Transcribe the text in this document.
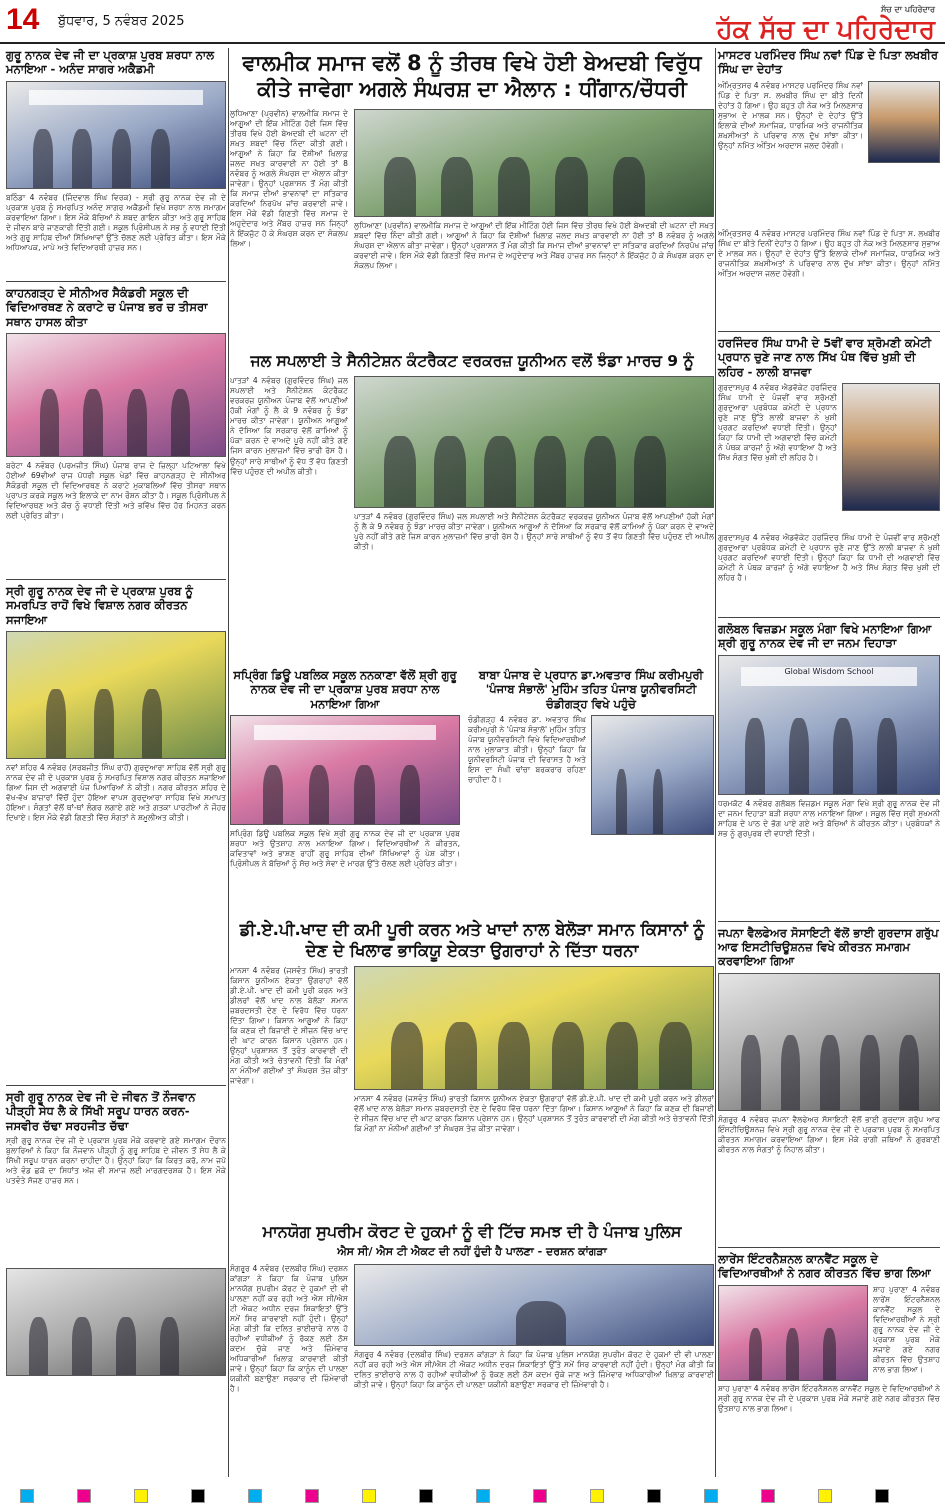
14 ਬੁੱਧਵਾਰ, 5 ਨਵੰਬਰ 2025
ਸੱਚ ਦਾ ਪਹਿਰੇਦਾਰ
ਹੱਕ ਸੱਚ ਦਾ ਪਹਿਰੇਦਾਰ
ਗੁਰੂ ਨਾਨਕ ਦੇਵ ਜੀ ਦਾ ਪ੍ਰਕਾਸ਼ ਪੁਰਬ ਸ਼ਰਧਾ ਨਾਲ ਮਨਾਇਆ - ਅਨੰਦ ਸਾਗਰ ਅਕੈਡਮੀ
ਬਠਿੰਡਾ 4 ਨਵੰਬਰ (ਜਿੰਦਵਾਲ ਸਿੰਘ ਵਿਰਕ) - ਸ੍ਰੀ ਗੁਰੂ ਨਾਨਕ ਦੇਵ ਜੀ ਦੇ ਪ੍ਰਕਾਸ਼ ਪੁਰਬ ਨੂੰ ਸਮਰਪਿਤ ਅਨੰਦ ਸਾਗਰ ਅਕੈਡਮੀ ਵਿਖੇ ਸ਼ਰਧਾ ਨਾਲ ਸਮਾਗਮ ਕਰਵਾਇਆ ਗਿਆ। ਇਸ ਮੌਕੇ ਬੱਚਿਆਂ ਨੇ ਸ਼ਬਦ ਗਾਇਨ ਕੀਤਾ ਅਤੇ ਗੁਰੂ ਸਾਹਿਬ ਦੇ ਜੀਵਨ ਬਾਰੇ ਜਾਣਕਾਰੀ ਦਿੱਤੀ ਗਈ। ਸਕੂਲ ਪ੍ਰਿੰਸੀਪਲ ਨੇ ਸਭ ਨੂੰ ਵਧਾਈ ਦਿੱਤੀ ਅਤੇ ਗੁਰੂ ਸਾਹਿਬ ਦੀਆਂ ਸਿੱਖਿਆਵਾਂ ਉੱਤੇ ਚੱਲਣ ਲਈ ਪ੍ਰੇਰਿਤ ਕੀਤਾ। ਇਸ ਮੌਕੇ ਅਧਿਆਪਕ, ਮਾਪੇ ਅਤੇ ਵਿਦਿਆਰਥੀ ਹਾਜ਼ਰ ਸਨ।
ਕਾਹਨਗੜ੍ਹ ਦੇ ਸੀਨੀਅਰ ਸੈਕੰਡਰੀ ਸਕੂਲ ਦੀ ਵਿਦਿਆਰਥਣ ਨੇ ਕਰਾਟੇ ਚ ਪੰਜਾਬ ਭਰ ਚ ਤੀਸਰਾ ਸਥਾਨ ਹਾਸਲ ਕੀਤਾ
ਬਰੇਟਾ 4 ਨਵੰਬਰ (ਪਰਮਜੀਤ ਸਿੰਘ) ਪੰਜਾਬ ਰਾਜ ਦੇ ਜ਼ਿਲ੍ਹਾ ਪਟਿਆਲਾ ਵਿਖੇ ਹੋਈਆਂ 69ਵੀਆਂ ਰਾਜ ਪੱਧਰੀ ਸਕੂਲ ਖੇਡਾਂ ਵਿੱਚ ਕਾਹਨਗੜ੍ਹ ਦੇ ਸੀਨੀਅਰ ਸੈਕੰਡਰੀ ਸਕੂਲ ਦੀ ਵਿਦਿਆਰਥਣ ਨੇ ਕਰਾਟੇ ਮੁਕਾਬਲਿਆਂ ਵਿੱਚ ਤੀਸਰਾ ਸਥਾਨ ਪ੍ਰਾਪਤ ਕਰਕੇ ਸਕੂਲ ਅਤੇ ਇਲਾਕੇ ਦਾ ਨਾਮ ਰੌਸ਼ਨ ਕੀਤਾ ਹੈ। ਸਕੂਲ ਪ੍ਰਿੰਸੀਪਲ ਨੇ ਵਿਦਿਆਰਥਣ ਅਤੇ ਕੋਚ ਨੂੰ ਵਧਾਈ ਦਿੱਤੀ ਅਤੇ ਭਵਿੱਖ ਵਿੱਚ ਹੋਰ ਮਿਹਨਤ ਕਰਨ ਲਈ ਪ੍ਰੇਰਿਤ ਕੀਤਾ।
ਸ੍ਰੀ ਗੁਰੂ ਨਾਨਕ ਦੇਵ ਜੀ ਦੇ ਪ੍ਰਕਾਸ਼ ਪੁਰਬ ਨੂੰ ਸਮਰਪਿਤ ਰਾਹੋਂ ਵਿਖੇ ਵਿਸ਼ਾਲ ਨਗਰ ਕੀਰਤਨ ਸਜਾਇਆ
ਨਵਾਂ ਸ਼ਹਿਰ 4 ਨਵੰਬਰ (ਸਰਬਜੀਤ ਸਿੰਘ ਰਾਹੋਂ) ਗੁਰਦੁਆਰਾ ਸਾਹਿਬ ਵੱਲੋਂ ਸ੍ਰੀ ਗੁਰੂ ਨਾਨਕ ਦੇਵ ਜੀ ਦੇ ਪ੍ਰਕਾਸ਼ ਪੁਰਬ ਨੂੰ ਸਮਰਪਿਤ ਵਿਸ਼ਾਲ ਨਗਰ ਕੀਰਤਨ ਸਜਾਇਆ ਗਿਆ ਜਿਸ ਦੀ ਅਗਵਾਈ ਪੰਜ ਪਿਆਰਿਆਂ ਨੇ ਕੀਤੀ। ਨਗਰ ਕੀਰਤਨ ਸ਼ਹਿਰ ਦੇ ਵੱਖ-ਵੱਖ ਬਾਜ਼ਾਰਾਂ ਵਿੱਚੋਂ ਹੁੰਦਾ ਹੋਇਆ ਵਾਪਸ ਗੁਰਦੁਆਰਾ ਸਾਹਿਬ ਵਿਖੇ ਸਮਾਪਤ ਹੋਇਆ। ਸੰਗਤਾਂ ਵੱਲੋਂ ਥਾਂ-ਥਾਂ ਲੰਗਰ ਲਗਾਏ ਗਏ ਅਤੇ ਗਤਕਾ ਪਾਰਟੀਆਂ ਨੇ ਜੌਹਰ ਦਿਖਾਏ। ਇਸ ਮੌਕੇ ਵੱਡੀ ਗਿਣਤੀ ਵਿੱਚ ਸੰਗਤਾਂ ਨੇ ਸ਼ਮੂਲੀਅਤ ਕੀਤੀ।
ਸ੍ਰੀ ਗੁਰੂ ਨਾਨਕ ਦੇਵ ਜੀ ਦੇ ਜੀਵਨ ਤੋਂ ਨੌਜਵਾਨ ਪੀੜ੍ਹੀ ਸੇਧ ਲੈ ਕੇ ਸਿੱਖੀ ਸਰੂਪ ਧਾਰਨ ਕਰਨ- ਜਸਵੀਰ ਚੱਢਾ ਸਰਹਜੀਤ ਚੱਢਾ
ਸ੍ਰੀ ਗੁਰੂ ਨਾਨਕ ਦੇਵ ਜੀ ਦੇ ਪ੍ਰਕਾਸ਼ ਪੁਰਬ ਮੌਕੇ ਕਰਵਾਏ ਗਏ ਸਮਾਗਮ ਦੌਰਾਨ ਬੁਲਾਰਿਆਂ ਨੇ ਕਿਹਾ ਕਿ ਨੌਜਵਾਨ ਪੀੜ੍ਹੀ ਨੂੰ ਗੁਰੂ ਸਾਹਿਬ ਦੇ ਜੀਵਨ ਤੋਂ ਸੇਧ ਲੈ ਕੇ ਸਿੱਖੀ ਸਰੂਪ ਧਾਰਨ ਕਰਨਾ ਚਾਹੀਦਾ ਹੈ। ਉਨ੍ਹਾਂ ਕਿਹਾ ਕਿ ਕਿਰਤ ਕਰੋ, ਨਾਮ ਜਪੋ ਅਤੇ ਵੰਡ ਛਕੋ ਦਾ ਸਿਧਾਂਤ ਅੱਜ ਵੀ ਸਮਾਜ ਲਈ ਮਾਰਗਦਰਸ਼ਕ ਹੈ। ਇਸ ਮੌਕੇ ਪਤਵੰਤੇ ਸੱਜਣ ਹਾਜ਼ਰ ਸਨ।
ਵਾਲਮੀਕ ਸਮਾਜ ਵਲੋਂ 8 ਨੂੰ ਤੀਰਥ ਵਿਖੇ ਹੋਈ ਬੇਅਦਬੀ ਵਿਰੁੱਧ ਕੀਤੇ ਜਾਵੇਗਾ ਅਗਲੇ ਸੰਘਰਸ਼ ਦਾ ਐਲਾਨ : ਧੀਂਗਾਨ/ਚੌਧਰੀ
ਲੁਧਿਆਣਾ (ਪ੍ਰਵੀਨ) ਵਾਲਮੀਕਿ ਸਮਾਜ ਦੇ ਆਗੂਆਂ ਦੀ ਇੱਕ ਮੀਟਿੰਗ ਹੋਈ ਜਿਸ ਵਿੱਚ ਤੀਰਥ ਵਿਖੇ ਹੋਈ ਬੇਅਦਬੀ ਦੀ ਘਟਨਾ ਦੀ ਸਖ਼ਤ ਸ਼ਬਦਾਂ ਵਿੱਚ ਨਿੰਦਾ ਕੀਤੀ ਗਈ। ਆਗੂਆਂ ਨੇ ਕਿਹਾ ਕਿ ਦੋਸ਼ੀਆਂ ਖ਼ਿਲਾਫ਼ ਜਲਦ ਸਖ਼ਤ ਕਾਰਵਾਈ ਨਾ ਹੋਈ ਤਾਂ 8 ਨਵੰਬਰ ਨੂੰ ਅਗਲੇ ਸੰਘਰਸ਼ ਦਾ ਐਲਾਨ ਕੀਤਾ ਜਾਵੇਗਾ। ਉਨ੍ਹਾਂ ਪ੍ਰਸ਼ਾਸਨ ਤੋਂ ਮੰਗ ਕੀਤੀ ਕਿ ਸਮਾਜ ਦੀਆਂ ਭਾਵਨਾਵਾਂ ਦਾ ਸਤਿਕਾਰ ਕਰਦਿਆਂ ਨਿਰਪੱਖ ਜਾਂਚ ਕਰਵਾਈ ਜਾਵੇ। ਇਸ ਮੌਕੇ ਵੱਡੀ ਗਿਣਤੀ ਵਿੱਚ ਸਮਾਜ ਦੇ ਅਹੁਦੇਦਾਰ ਅਤੇ ਮੈਂਬਰ ਹਾਜ਼ਰ ਸਨ ਜਿਨ੍ਹਾਂ ਨੇ ਇੱਕਜੁੱਟ ਹੋ ਕੇ ਸੰਘਰਸ਼ ਕਰਨ ਦਾ ਸੰਕਲਪ ਲਿਆ।
ਲੁਧਿਆਣਾ (ਪ੍ਰਵੀਨ) ਵਾਲਮੀਕਿ ਸਮਾਜ ਦੇ ਆਗੂਆਂ ਦੀ ਇੱਕ ਮੀਟਿੰਗ ਹੋਈ ਜਿਸ ਵਿੱਚ ਤੀਰਥ ਵਿਖੇ ਹੋਈ ਬੇਅਦਬੀ ਦੀ ਘਟਨਾ ਦੀ ਸਖ਼ਤ ਸ਼ਬਦਾਂ ਵਿੱਚ ਨਿੰਦਾ ਕੀਤੀ ਗਈ। ਆਗੂਆਂ ਨੇ ਕਿਹਾ ਕਿ ਦੋਸ਼ੀਆਂ ਖ਼ਿਲਾਫ਼ ਜਲਦ ਸਖ਼ਤ ਕਾਰਵਾਈ ਨਾ ਹੋਈ ਤਾਂ 8 ਨਵੰਬਰ ਨੂੰ ਅਗਲੇ ਸੰਘਰਸ਼ ਦਾ ਐਲਾਨ ਕੀਤਾ ਜਾਵੇਗਾ। ਉਨ੍ਹਾਂ ਪ੍ਰਸ਼ਾਸਨ ਤੋਂ ਮੰਗ ਕੀਤੀ ਕਿ ਸਮਾਜ ਦੀਆਂ ਭਾਵਨਾਵਾਂ ਦਾ ਸਤਿਕਾਰ ਕਰਦਿਆਂ ਨਿਰਪੱਖ ਜਾਂਚ ਕਰਵਾਈ ਜਾਵੇ। ਇਸ ਮੌਕੇ ਵੱਡੀ ਗਿਣਤੀ ਵਿੱਚ ਸਮਾਜ ਦੇ ਅਹੁਦੇਦਾਰ ਅਤੇ ਮੈਂਬਰ ਹਾਜ਼ਰ ਸਨ ਜਿਨ੍ਹਾਂ ਨੇ ਇੱਕਜੁੱਟ ਹੋ ਕੇ ਸੰਘਰਸ਼ ਕਰਨ ਦਾ ਸੰਕਲਪ ਲਿਆ।
ਜਲ ਸਪਲਾਈ ਤੇ ਸੈਨੀਟੇਸ਼ਨ ਕੰਟਰੈਕਟ ਵਰਕਰਜ਼ ਯੂਨੀਅਨ ਵਲੋਂ ਝੰਡਾ ਮਾਰਚ 9 ਨੂੰ
ਪਾਤੜਾਂ 4 ਨਵੰਬਰ (ਗੁਰਵਿੰਦਰ ਸਿੰਘ) ਜਲ ਸਪਲਾਈ ਅਤੇ ਸੈਨੀਟੇਸ਼ਨ ਕੰਟਰੈਕਟ ਵਰਕਰਜ਼ ਯੂਨੀਅਨ ਪੰਜਾਬ ਵੱਲੋਂ ਆਪਣੀਆਂ ਹੱਕੀ ਮੰਗਾਂ ਨੂੰ ਲੈ ਕੇ 9 ਨਵੰਬਰ ਨੂੰ ਝੰਡਾ ਮਾਰਚ ਕੀਤਾ ਜਾਵੇਗਾ। ਯੂਨੀਅਨ ਆਗੂਆਂ ਨੇ ਦੱਸਿਆ ਕਿ ਸਰਕਾਰ ਵੱਲੋਂ ਕਾਮਿਆਂ ਨੂੰ ਪੱਕਾ ਕਰਨ ਦੇ ਵਾਅਦੇ ਪੂਰੇ ਨਹੀਂ ਕੀਤੇ ਗਏ ਜਿਸ ਕਾਰਨ ਮੁਲਾਜ਼ਮਾਂ ਵਿੱਚ ਭਾਰੀ ਰੋਸ ਹੈ। ਉਨ੍ਹਾਂ ਸਾਰੇ ਸਾਥੀਆਂ ਨੂੰ ਵੱਧ ਤੋਂ ਵੱਧ ਗਿਣਤੀ ਵਿੱਚ ਪਹੁੰਚਣ ਦੀ ਅਪੀਲ ਕੀਤੀ।
ਪਾਤੜਾਂ 4 ਨਵੰਬਰ (ਗੁਰਵਿੰਦਰ ਸਿੰਘ) ਜਲ ਸਪਲਾਈ ਅਤੇ ਸੈਨੀਟੇਸ਼ਨ ਕੰਟਰੈਕਟ ਵਰਕਰਜ਼ ਯੂਨੀਅਨ ਪੰਜਾਬ ਵੱਲੋਂ ਆਪਣੀਆਂ ਹੱਕੀ ਮੰਗਾਂ ਨੂੰ ਲੈ ਕੇ 9 ਨਵੰਬਰ ਨੂੰ ਝੰਡਾ ਮਾਰਚ ਕੀਤਾ ਜਾਵੇਗਾ। ਯੂਨੀਅਨ ਆਗੂਆਂ ਨੇ ਦੱਸਿਆ ਕਿ ਸਰਕਾਰ ਵੱਲੋਂ ਕਾਮਿਆਂ ਨੂੰ ਪੱਕਾ ਕਰਨ ਦੇ ਵਾਅਦੇ ਪੂਰੇ ਨਹੀਂ ਕੀਤੇ ਗਏ ਜਿਸ ਕਾਰਨ ਮੁਲਾਜ਼ਮਾਂ ਵਿੱਚ ਭਾਰੀ ਰੋਸ ਹੈ। ਉਨ੍ਹਾਂ ਸਾਰੇ ਸਾਥੀਆਂ ਨੂੰ ਵੱਧ ਤੋਂ ਵੱਧ ਗਿਣਤੀ ਵਿੱਚ ਪਹੁੰਚਣ ਦੀ ਅਪੀਲ ਕੀਤੀ।
ਸਪ੍ਰਿੰਗ ਡਿਊ ਪਬਲਿਕ ਸਕੂਲ ਨਨਕਾਣਾ ਵੱਲੋਂ ਸ਼੍ਰੀ ਗੁਰੂ ਨਾਨਕ ਦੇਵ ਜੀ ਦਾ ਪ੍ਰਕਾਸ਼ ਪੁਰਬ ਸ਼ਰਧਾ ਨਾਲ ਮਨਾਇਆ ਗਿਆ
ਸਪ੍ਰਿੰਗ ਡਿਊ ਪਬਲਿਕ ਸਕੂਲ ਵਿਖੇ ਸ਼੍ਰੀ ਗੁਰੂ ਨਾਨਕ ਦੇਵ ਜੀ ਦਾ ਪ੍ਰਕਾਸ਼ ਪੁਰਬ ਸ਼ਰਧਾ ਅਤੇ ਉਤਸ਼ਾਹ ਨਾਲ ਮਨਾਇਆ ਗਿਆ। ਵਿਦਿਆਰਥੀਆਂ ਨੇ ਕੀਰਤਨ, ਕਵਿਤਾਵਾਂ ਅਤੇ ਭਾਸ਼ਣ ਰਾਹੀਂ ਗੁਰੂ ਸਾਹਿਬ ਦੀਆਂ ਸਿੱਖਿਆਵਾਂ ਨੂੰ ਪੇਸ਼ ਕੀਤਾ। ਪ੍ਰਿੰਸੀਪਲ ਨੇ ਬੱਚਿਆਂ ਨੂੰ ਸੱਚ ਅਤੇ ਸੇਵਾ ਦੇ ਮਾਰਗ ਉੱਤੇ ਚੱਲਣ ਲਈ ਪ੍ਰੇਰਿਤ ਕੀਤਾ।
ਬਾਬਾ ਪੰਜਾਬ ਦੇ ਪ੍ਰਧਾਨ ਡਾ.ਅਵਤਾਰ ਸਿੰਘ ਕਰੀਮਪੁਰੀ 'ਪੰਜਾਬ ਸੰਭਾਲੋ' ਮੁਹਿੰਮ ਤਹਿਤ ਪੰਜਾਬ ਯੂਨੀਵਰਸਿਟੀ ਚੰਡੀਗੜ੍ਹ ਵਿਖੇ ਪਹੁੰਚੇ
ਚੰਡੀਗੜ੍ਹ 4 ਨਵੰਬਰ ਡਾ. ਅਵਤਾਰ ਸਿੰਘ ਕਰੀਮਪੁਰੀ ਨੇ 'ਪੰਜਾਬ ਸੰਭਾਲੋ' ਮੁਹਿੰਮ ਤਹਿਤ ਪੰਜਾਬ ਯੂਨੀਵਰਸਿਟੀ ਵਿਖੇ ਵਿਦਿਆਰਥੀਆਂ ਨਾਲ ਮੁਲਾਕਾਤ ਕੀਤੀ। ਉਨ੍ਹਾਂ ਕਿਹਾ ਕਿ ਯੂਨੀਵਰਸਿਟੀ ਪੰਜਾਬ ਦੀ ਵਿਰਾਸਤ ਹੈ ਅਤੇ ਇਸ ਦਾ ਸੰਘੀ ਢਾਂਚਾ ਬਰਕਰਾਰ ਰਹਿਣਾ ਚਾਹੀਦਾ ਹੈ।
ਡੀ.ਏ.ਪੀ.ਖਾਦ ਦੀ ਕਮੀ ਪੂਰੀ ਕਰਨ ਅਤੇ ਖਾਦਾਂ ਨਾਲ ਬੇਲੋੜਾ ਸਮਾਨ ਕਿਸਾਨਾਂ ਨੂੰ ਦੇਣ ਦੇ ਖਿਲਾਫ ਭਾਕਿਯੂ ਏਕਤਾ ਉਗਰਾਹਾਂ ਨੇ ਦਿੱਤਾ ਧਰਨਾ
ਮਾਨਸਾ 4 ਨਵੰਬਰ (ਜਸਵੰਤ ਸਿੰਘ) ਭਾਰਤੀ ਕਿਸਾਨ ਯੂਨੀਅਨ ਏਕਤਾ ਉਗਰਾਹਾਂ ਵੱਲੋਂ ਡੀ.ਏ.ਪੀ. ਖਾਦ ਦੀ ਕਮੀ ਪੂਰੀ ਕਰਨ ਅਤੇ ਡੀਲਰਾਂ ਵੱਲੋਂ ਖਾਦ ਨਾਲ ਬੇਲੋੜਾ ਸਮਾਨ ਜ਼ਬਰਦਸਤੀ ਦੇਣ ਦੇ ਵਿਰੋਧ ਵਿੱਚ ਧਰਨਾ ਦਿੱਤਾ ਗਿਆ। ਕਿਸਾਨ ਆਗੂਆਂ ਨੇ ਕਿਹਾ ਕਿ ਕਣਕ ਦੀ ਬਿਜਾਈ ਦੇ ਸੀਜ਼ਨ ਵਿੱਚ ਖਾਦ ਦੀ ਘਾਟ ਕਾਰਨ ਕਿਸਾਨ ਪ੍ਰੇਸ਼ਾਨ ਹਨ। ਉਨ੍ਹਾਂ ਪ੍ਰਸ਼ਾਸਨ ਤੋਂ ਤੁਰੰਤ ਕਾਰਵਾਈ ਦੀ ਮੰਗ ਕੀਤੀ ਅਤੇ ਚੇਤਾਵਨੀ ਦਿੱਤੀ ਕਿ ਮੰਗਾਂ ਨਾ ਮੰਨੀਆਂ ਗਈਆਂ ਤਾਂ ਸੰਘਰਸ਼ ਤੇਜ਼ ਕੀਤਾ ਜਾਵੇਗਾ।
ਮਾਨਸਾ 4 ਨਵੰਬਰ (ਜਸਵੰਤ ਸਿੰਘ) ਭਾਰਤੀ ਕਿਸਾਨ ਯੂਨੀਅਨ ਏਕਤਾ ਉਗਰਾਹਾਂ ਵੱਲੋਂ ਡੀ.ਏ.ਪੀ. ਖਾਦ ਦੀ ਕਮੀ ਪੂਰੀ ਕਰਨ ਅਤੇ ਡੀਲਰਾਂ ਵੱਲੋਂ ਖਾਦ ਨਾਲ ਬੇਲੋੜਾ ਸਮਾਨ ਜ਼ਬਰਦਸਤੀ ਦੇਣ ਦੇ ਵਿਰੋਧ ਵਿੱਚ ਧਰਨਾ ਦਿੱਤਾ ਗਿਆ। ਕਿਸਾਨ ਆਗੂਆਂ ਨੇ ਕਿਹਾ ਕਿ ਕਣਕ ਦੀ ਬਿਜਾਈ ਦੇ ਸੀਜ਼ਨ ਵਿੱਚ ਖਾਦ ਦੀ ਘਾਟ ਕਾਰਨ ਕਿਸਾਨ ਪ੍ਰੇਸ਼ਾਨ ਹਨ। ਉਨ੍ਹਾਂ ਪ੍ਰਸ਼ਾਸਨ ਤੋਂ ਤੁਰੰਤ ਕਾਰਵਾਈ ਦੀ ਮੰਗ ਕੀਤੀ ਅਤੇ ਚੇਤਾਵਨੀ ਦਿੱਤੀ ਕਿ ਮੰਗਾਂ ਨਾ ਮੰਨੀਆਂ ਗਈਆਂ ਤਾਂ ਸੰਘਰਸ਼ ਤੇਜ਼ ਕੀਤਾ ਜਾਵੇਗਾ।
ਮਾਨਯੋਗ ਸੁਪਰੀਮ ਕੋਰਟ ਦੇ ਹੁਕਮਾਂ ਨੂੰ ਵੀ ਟਿੱਚ ਸਮਝ ਦੀ ਹੈ ਪੰਜਾਬ ਪੁਲਿਸ
ਐਸ ਸੀ/ ਐਸ ਟੀ ਐਕਟ ਦੀ ਨਹੀਂ ਹੁੰਦੀ ਹੈ ਪਾਲਣਾ - ਦਰਸ਼ਨ ਕਾਂਗੜਾ
ਸੰਗਰੂਰ 4 ਨਵੰਬਰ (ਦਲਬੀਰ ਸਿੰਘ) ਦਰਸ਼ਨ ਕਾਂਗੜਾ ਨੇ ਕਿਹਾ ਕਿ ਪੰਜਾਬ ਪੁਲਿਸ ਮਾਨਯੋਗ ਸੁਪਰੀਮ ਕੋਰਟ ਦੇ ਹੁਕਮਾਂ ਦੀ ਵੀ ਪਾਲਣਾ ਨਹੀਂ ਕਰ ਰਹੀ ਅਤੇ ਐਸ ਸੀ/ਐਸ ਟੀ ਐਕਟ ਅਧੀਨ ਦਰਜ ਸ਼ਿਕਾਇਤਾਂ ਉੱਤੇ ਸਮੇਂ ਸਿਰ ਕਾਰਵਾਈ ਨਹੀਂ ਹੁੰਦੀ। ਉਨ੍ਹਾਂ ਮੰਗ ਕੀਤੀ ਕਿ ਦਲਿਤ ਭਾਈਚਾਰੇ ਨਾਲ ਹੋ ਰਹੀਆਂ ਵਧੀਕੀਆਂ ਨੂੰ ਰੋਕਣ ਲਈ ਠੋਸ ਕਦਮ ਚੁੱਕੇ ਜਾਣ ਅਤੇ ਜ਼ਿੰਮੇਵਾਰ ਅਧਿਕਾਰੀਆਂ ਖ਼ਿਲਾਫ਼ ਕਾਰਵਾਈ ਕੀਤੀ ਜਾਵੇ। ਉਨ੍ਹਾਂ ਕਿਹਾ ਕਿ ਕਾਨੂੰਨ ਦੀ ਪਾਲਣਾ ਯਕੀਨੀ ਬਣਾਉਣਾ ਸਰਕਾਰ ਦੀ ਜ਼ਿੰਮੇਵਾਰੀ ਹੈ।
ਸੰਗਰੂਰ 4 ਨਵੰਬਰ (ਦਲਬੀਰ ਸਿੰਘ) ਦਰਸ਼ਨ ਕਾਂਗੜਾ ਨੇ ਕਿਹਾ ਕਿ ਪੰਜਾਬ ਪੁਲਿਸ ਮਾਨਯੋਗ ਸੁਪਰੀਮ ਕੋਰਟ ਦੇ ਹੁਕਮਾਂ ਦੀ ਵੀ ਪਾਲਣਾ ਨਹੀਂ ਕਰ ਰਹੀ ਅਤੇ ਐਸ ਸੀ/ਐਸ ਟੀ ਐਕਟ ਅਧੀਨ ਦਰਜ ਸ਼ਿਕਾਇਤਾਂ ਉੱਤੇ ਸਮੇਂ ਸਿਰ ਕਾਰਵਾਈ ਨਹੀਂ ਹੁੰਦੀ। ਉਨ੍ਹਾਂ ਮੰਗ ਕੀਤੀ ਕਿ ਦਲਿਤ ਭਾਈਚਾਰੇ ਨਾਲ ਹੋ ਰਹੀਆਂ ਵਧੀਕੀਆਂ ਨੂੰ ਰੋਕਣ ਲਈ ਠੋਸ ਕਦਮ ਚੁੱਕੇ ਜਾਣ ਅਤੇ ਜ਼ਿੰਮੇਵਾਰ ਅਧਿਕਾਰੀਆਂ ਖ਼ਿਲਾਫ਼ ਕਾਰਵਾਈ ਕੀਤੀ ਜਾਵੇ। ਉਨ੍ਹਾਂ ਕਿਹਾ ਕਿ ਕਾਨੂੰਨ ਦੀ ਪਾਲਣਾ ਯਕੀਨੀ ਬਣਾਉਣਾ ਸਰਕਾਰ ਦੀ ਜ਼ਿੰਮੇਵਾਰੀ ਹੈ।
ਮਾਸਟਰ ਪਰਮਿੰਦਰ ਸਿੰਘ ਨਵਾਂ ਪਿੰਡ ਦੇ ਪਿਤਾ ਲਖਬੀਰ ਸਿੰਘ ਦਾ ਦੇਹਾਂਤ
ਅੰਮ੍ਰਿਤਸਰ 4 ਨਵੰਬਰ ਮਾਸਟਰ ਪਰਮਿੰਦਰ ਸਿੰਘ ਨਵਾਂ ਪਿੰਡ ਦੇ ਪਿਤਾ ਸ. ਲਖਬੀਰ ਸਿੰਘ ਦਾ ਬੀਤੇ ਦਿਨੀਂ ਦੇਹਾਂਤ ਹੋ ਗਿਆ। ਉਹ ਬਹੁਤ ਹੀ ਨੇਕ ਅਤੇ ਮਿਲਣਸਾਰ ਸੁਭਾਅ ਦੇ ਮਾਲਕ ਸਨ। ਉਨ੍ਹਾਂ ਦੇ ਦੇਹਾਂਤ ਉੱਤੇ ਇਲਾਕੇ ਦੀਆਂ ਸਮਾਜਿਕ, ਧਾਰਮਿਕ ਅਤੇ ਰਾਜਨੀਤਿਕ ਸ਼ਖ਼ਸੀਅਤਾਂ ਨੇ ਪਰਿਵਾਰ ਨਾਲ ਦੁੱਖ ਸਾਂਝਾ ਕੀਤਾ। ਉਨ੍ਹਾਂ ਨਮਿੱਤ ਅੰਤਿਮ ਅਰਦਾਸ ਜਲਦ ਹੋਵੇਗੀ।
ਅੰਮ੍ਰਿਤਸਰ 4 ਨਵੰਬਰ ਮਾਸਟਰ ਪਰਮਿੰਦਰ ਸਿੰਘ ਨਵਾਂ ਪਿੰਡ ਦੇ ਪਿਤਾ ਸ. ਲਖਬੀਰ ਸਿੰਘ ਦਾ ਬੀਤੇ ਦਿਨੀਂ ਦੇਹਾਂਤ ਹੋ ਗਿਆ। ਉਹ ਬਹੁਤ ਹੀ ਨੇਕ ਅਤੇ ਮਿਲਣਸਾਰ ਸੁਭਾਅ ਦੇ ਮਾਲਕ ਸਨ। ਉਨ੍ਹਾਂ ਦੇ ਦੇਹਾਂਤ ਉੱਤੇ ਇਲਾਕੇ ਦੀਆਂ ਸਮਾਜਿਕ, ਧਾਰਮਿਕ ਅਤੇ ਰਾਜਨੀਤਿਕ ਸ਼ਖ਼ਸੀਅਤਾਂ ਨੇ ਪਰਿਵਾਰ ਨਾਲ ਦੁੱਖ ਸਾਂਝਾ ਕੀਤਾ। ਉਨ੍ਹਾਂ ਨਮਿੱਤ ਅੰਤਿਮ ਅਰਦਾਸ ਜਲਦ ਹੋਵੇਗੀ।
ਹਰਜਿੰਦਰ ਸਿੰਘ ਧਾਮੀ ਦੇ 5ਵੀਂ ਵਾਰ ਸ਼੍ਰੋਮਣੀ ਕਮੇਟੀ ਪ੍ਰਧਾਨ ਚੁਣੇ ਜਾਣ ਨਾਲ ਸਿੱਖ ਪੰਥ ਵਿੱਚ ਖੁਸ਼ੀ ਦੀ ਲਹਿਰ - ਲਾਲੀ ਬਾਜਵਾ
ਗੁਰਦਾਸਪੁਰ 4 ਨਵੰਬਰ ਐਡਵੋਕੇਟ ਹਰਜਿੰਦਰ ਸਿੰਘ ਧਾਮੀ ਦੇ ਪੰਜਵੀਂ ਵਾਰ ਸ਼੍ਰੋਮਣੀ ਗੁਰਦੁਆਰਾ ਪ੍ਰਬੰਧਕ ਕਮੇਟੀ ਦੇ ਪ੍ਰਧਾਨ ਚੁਣੇ ਜਾਣ ਉੱਤੇ ਲਾਲੀ ਬਾਜਵਾ ਨੇ ਖੁਸ਼ੀ ਪ੍ਰਗਟ ਕਰਦਿਆਂ ਵਧਾਈ ਦਿੱਤੀ। ਉਨ੍ਹਾਂ ਕਿਹਾ ਕਿ ਧਾਮੀ ਦੀ ਅਗਵਾਈ ਵਿੱਚ ਕਮੇਟੀ ਨੇ ਪੰਥਕ ਕਾਰਜਾਂ ਨੂੰ ਅੱਗੇ ਵਧਾਇਆ ਹੈ ਅਤੇ ਸਿੱਖ ਸੰਗਤ ਵਿੱਚ ਖੁਸ਼ੀ ਦੀ ਲਹਿਰ ਹੈ।
ਗੁਰਦਾਸਪੁਰ 4 ਨਵੰਬਰ ਐਡਵੋਕੇਟ ਹਰਜਿੰਦਰ ਸਿੰਘ ਧਾਮੀ ਦੇ ਪੰਜਵੀਂ ਵਾਰ ਸ਼੍ਰੋਮਣੀ ਗੁਰਦੁਆਰਾ ਪ੍ਰਬੰਧਕ ਕਮੇਟੀ ਦੇ ਪ੍ਰਧਾਨ ਚੁਣੇ ਜਾਣ ਉੱਤੇ ਲਾਲੀ ਬਾਜਵਾ ਨੇ ਖੁਸ਼ੀ ਪ੍ਰਗਟ ਕਰਦਿਆਂ ਵਧਾਈ ਦਿੱਤੀ। ਉਨ੍ਹਾਂ ਕਿਹਾ ਕਿ ਧਾਮੀ ਦੀ ਅਗਵਾਈ ਵਿੱਚ ਕਮੇਟੀ ਨੇ ਪੰਥਕ ਕਾਰਜਾਂ ਨੂੰ ਅੱਗੇ ਵਧਾਇਆ ਹੈ ਅਤੇ ਸਿੱਖ ਸੰਗਤ ਵਿੱਚ ਖੁਸ਼ੀ ਦੀ ਲਹਿਰ ਹੈ।
ਗਲੋਬਲ ਵਿਜ਼ਡਮ ਸਕੂਲ ਮੰਗਾ ਵਿਖੇ ਮਨਾਇਆ ਗਿਆ ਸ਼੍ਰੀ ਗੁਰੂ ਨਾਨਕ ਦੇਵ ਜੀ ਦਾ ਜਨਮ ਦਿਹਾੜਾ
Global Wisdom School
ਧਰਮਕੋਟ 4 ਨਵੰਬਰ ਗਲੋਬਲ ਵਿਜ਼ਡਮ ਸਕੂਲ ਮੰਗਾ ਵਿਖੇ ਸ਼੍ਰੀ ਗੁਰੂ ਨਾਨਕ ਦੇਵ ਜੀ ਦਾ ਜਨਮ ਦਿਹਾੜਾ ਬੜੀ ਸ਼ਰਧਾ ਨਾਲ ਮਨਾਇਆ ਗਿਆ। ਸਕੂਲ ਵਿੱਚ ਸ੍ਰੀ ਸੁਖਮਨੀ ਸਾਹਿਬ ਦੇ ਪਾਠ ਦੇ ਭੋਗ ਪਾਏ ਗਏ ਅਤੇ ਬੱਚਿਆਂ ਨੇ ਕੀਰਤਨ ਕੀਤਾ। ਪ੍ਰਬੰਧਕਾਂ ਨੇ ਸਭ ਨੂੰ ਗੁਰਪੁਰਬ ਦੀ ਵਧਾਈ ਦਿੱਤੀ।
ਜਪਨਾ ਵੈਲਫੇਅਰ ਸੋਸਾਇਟੀ ਵੱਲੋਂ ਭਾਈ ਗੁਰਦਾਸ ਗਰੁੱਪ ਆਫ ਇਸਟੀਚਿਊਸ਼ਨਜ਼ ਵਿਖੇ ਕੀਰਤਨ ਸਮਾਗਮ ਕਰਵਾਇਆ ਗਿਆ
ਸੰਗਰੂਰ 4 ਨਵੰਬਰ ਜਪਨਾ ਵੈਲਫੇਅਰ ਸੋਸਾਇਟੀ ਵੱਲੋਂ ਭਾਈ ਗੁਰਦਾਸ ਗਰੁੱਪ ਆਫ ਇੰਸਟੀਚਿਊਸ਼ਨਜ਼ ਵਿਖੇ ਸ੍ਰੀ ਗੁਰੂ ਨਾਨਕ ਦੇਵ ਜੀ ਦੇ ਪ੍ਰਕਾਸ਼ ਪੁਰਬ ਨੂੰ ਸਮਰਪਿਤ ਕੀਰਤਨ ਸਮਾਗਮ ਕਰਵਾਇਆ ਗਿਆ। ਇਸ ਮੌਕੇ ਰਾਗੀ ਜਥਿਆਂ ਨੇ ਗੁਰਬਾਣੀ ਕੀਰਤਨ ਨਾਲ ਸੰਗਤਾਂ ਨੂੰ ਨਿਹਾਲ ਕੀਤਾ।
ਲਾਰੇਂਸ ਇੰਟਰਨੈਸ਼ਨਲ ਕਾਨਵੈਂਟ ਸਕੂਲ ਦੇ ਵਿਦਿਆਰਥੀਆਂ ਨੇ ਨਗਰ ਕੀਰਤਨ ਵਿੱਚ ਭਾਗ ਲਿਆ
ਸ਼ਾਹ ਪੁਰਾਣਾ 4 ਨਵੰਬਰ ਲਾਰੇਂਸ ਇੰਟਰਨੈਸ਼ਨਲ ਕਾਨਵੈਂਟ ਸਕੂਲ ਦੇ ਵਿਦਿਆਰਥੀਆਂ ਨੇ ਸ੍ਰੀ ਗੁਰੂ ਨਾਨਕ ਦੇਵ ਜੀ ਦੇ ਪ੍ਰਕਾਸ਼ ਪੁਰਬ ਮੌਕੇ ਸਜਾਏ ਗਏ ਨਗਰ ਕੀਰਤਨ ਵਿੱਚ ਉਤਸ਼ਾਹ ਨਾਲ ਭਾਗ ਲਿਆ।
ਸ਼ਾਹ ਪੁਰਾਣਾ 4 ਨਵੰਬਰ ਲਾਰੇਂਸ ਇੰਟਰਨੈਸ਼ਨਲ ਕਾਨਵੈਂਟ ਸਕੂਲ ਦੇ ਵਿਦਿਆਰਥੀਆਂ ਨੇ ਸ੍ਰੀ ਗੁਰੂ ਨਾਨਕ ਦੇਵ ਜੀ ਦੇ ਪ੍ਰਕਾਸ਼ ਪੁਰਬ ਮੌਕੇ ਸਜਾਏ ਗਏ ਨਗਰ ਕੀਰਤਨ ਵਿੱਚ ਉਤਸ਼ਾਹ ਨਾਲ ਭਾਗ ਲਿਆ।
